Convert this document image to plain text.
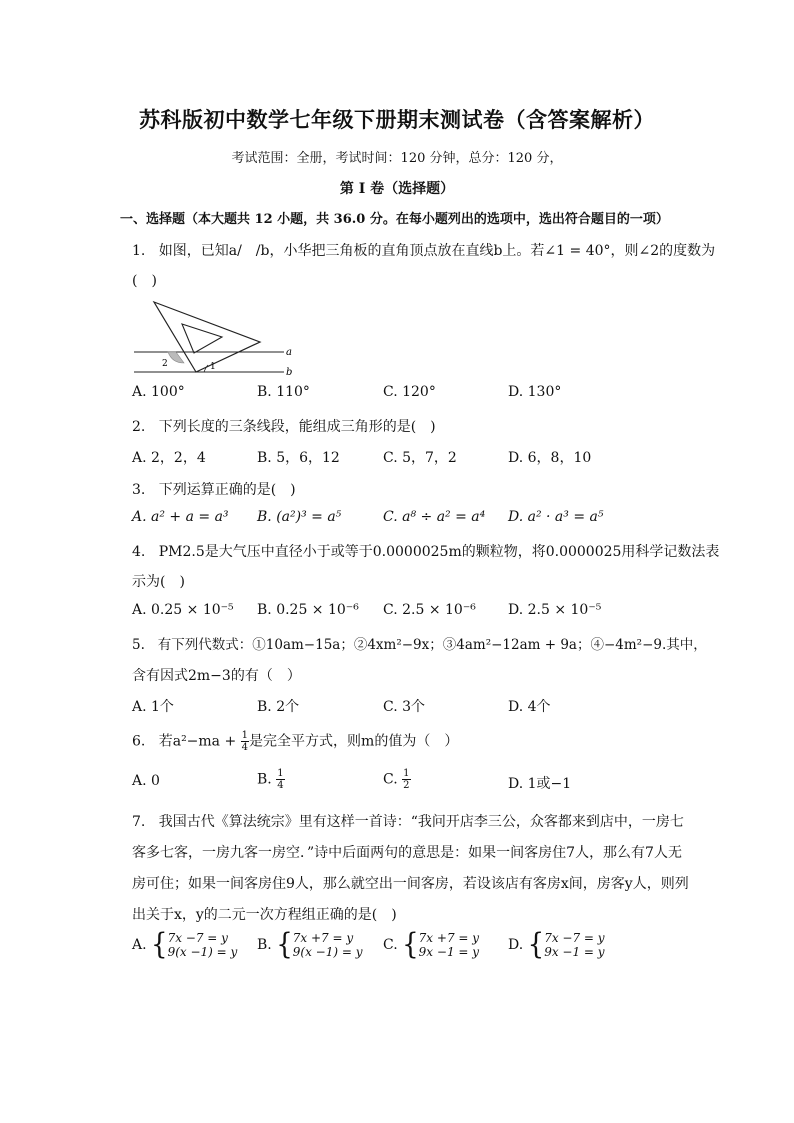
苏科版初中数学七年级下册期末测试卷（含答案解析）
考试范围：全册，考试时间：120 分钟，总分：120 分，
第 I 卷（选择题）
一、选择题（本大题共 12 小题，共 36.0 分。在每小题列出的选项中，选出符合题目的一项）
1. 如图，已知a/　/b，小华把三角板的直角顶点放在直线b上。若∠1 = 40°，则∠2的度数为
(　)
a
b
1
2
A. 100°	B. 110°	C. 120°	D. 130°
2. 下列长度的三条线段，能组成三角形的是(　)
A. 2，2，4	B. 5，6，12	C. 5，7，2	D. 6，8，10
3. 下列运算正确的是(　)
A. a² + a = a³ B. (a²)³ = a⁵	C. a⁸ ÷ a² = a⁴ D. a² · a³ = a⁵
4. PM2.5是大气压中直径小于或等于0.0000025m的颗粒物，将0.0000025用科学记数法表
示为(　)
A. 0.25 × 10⁻⁵ B. 0.25 × 10⁻⁶ C. 2.5 × 10⁻⁶ D. 2.5 × 10⁻⁵
5. 有下列代数式：①10am−15a；②4xm²−9x；③4am²−12am + 9a；④−4m²−9.其中，
含有因式2m−3的有（　）
A. 1个	B. 2个	C. 3个	D. 4个
6. 若$a^2-ma + \frac{1}{4}$ 是完全平方式，则m的值为（　）
A. 0	B. $\frac{1}{4}$	C. $\frac{1}{2}$	D. 1或−1
7. 我国古代《算法统宗》里有这样一首诗：“我问开店李三公，众客都来到店中，一房七
客多七客，一房九客一房空．”诗中后面两句的意思是：如果一间客房住7人，那么有7人无
房可住；如果一间客房住9人，那么就空出一间客房，若设该店有客房x间，房客y人，则列
出关于x，y的二元一次方程组正确的是(　)
A. { 7x −7 = y
9(x −1) = y B. { 7x +7 = y
9(x −1) = y C. { 7x +7 = y
9x −1 = y D. { 7x −7 = y
9x −1 = y
